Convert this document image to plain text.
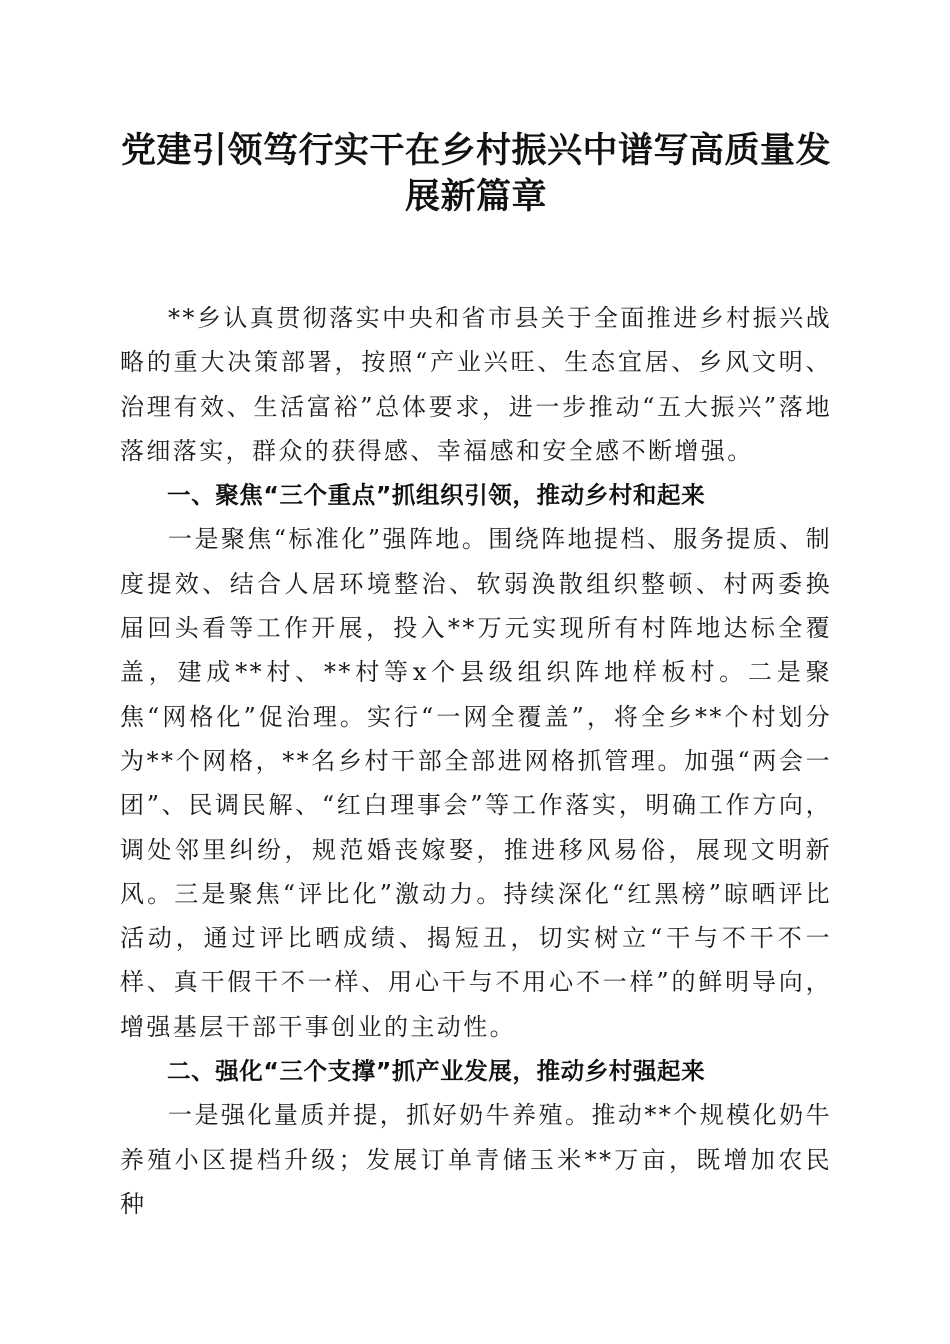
党建引领笃行实干在乡村振兴中谱写高质量发展新篇章

**乡认真贯彻落实中央和省市县关于全面推进乡村振兴战略的重大决策部署，按照“产业兴旺、生态宜居、乡风文明、治理有效、生活富裕”总体要求，进一步推动“五大振兴”落地落细落实，群众的获得感、幸福感和安全感不断增强。

一、聚焦“三个重点”抓组织引领，推动乡村和起来

一是聚焦“标准化”强阵地。围绕阵地提档、服务提质、制度提效、结合人居环境整治、软弱涣散组织整顿、村两委换届回头看等工作开展，投入**万元实现所有村阵地达标全覆盖，建成**村、**村等x个县级组织阵地样板村。二是聚焦“网格化”促治理。实行“一网全覆盖”，将全乡**个村划分为**个网格，**名乡村干部全部进网格抓管理。加强“两会一团”、民调民解、“红白理事会”等工作落实，明确工作方向，调处邻里纠纷，规范婚丧嫁娶，推进移风易俗，展现文明新风。三是聚焦“评比化”激动力。持续深化“红黑榜”晾晒评比活动，通过评比晒成绩、揭短丑，切实树立“干与不干不一样、真干假干不一样、用心干与不用心不一样”的鲜明导向，增强基层干部干事创业的主动性。

二、强化“三个支撑”抓产业发展，推动乡村强起来

一是强化量质并提，抓好奶牛养殖。推动**个规模化奶牛养殖小区提档升级；发展订单青储玉米**万亩，既增加农民种
